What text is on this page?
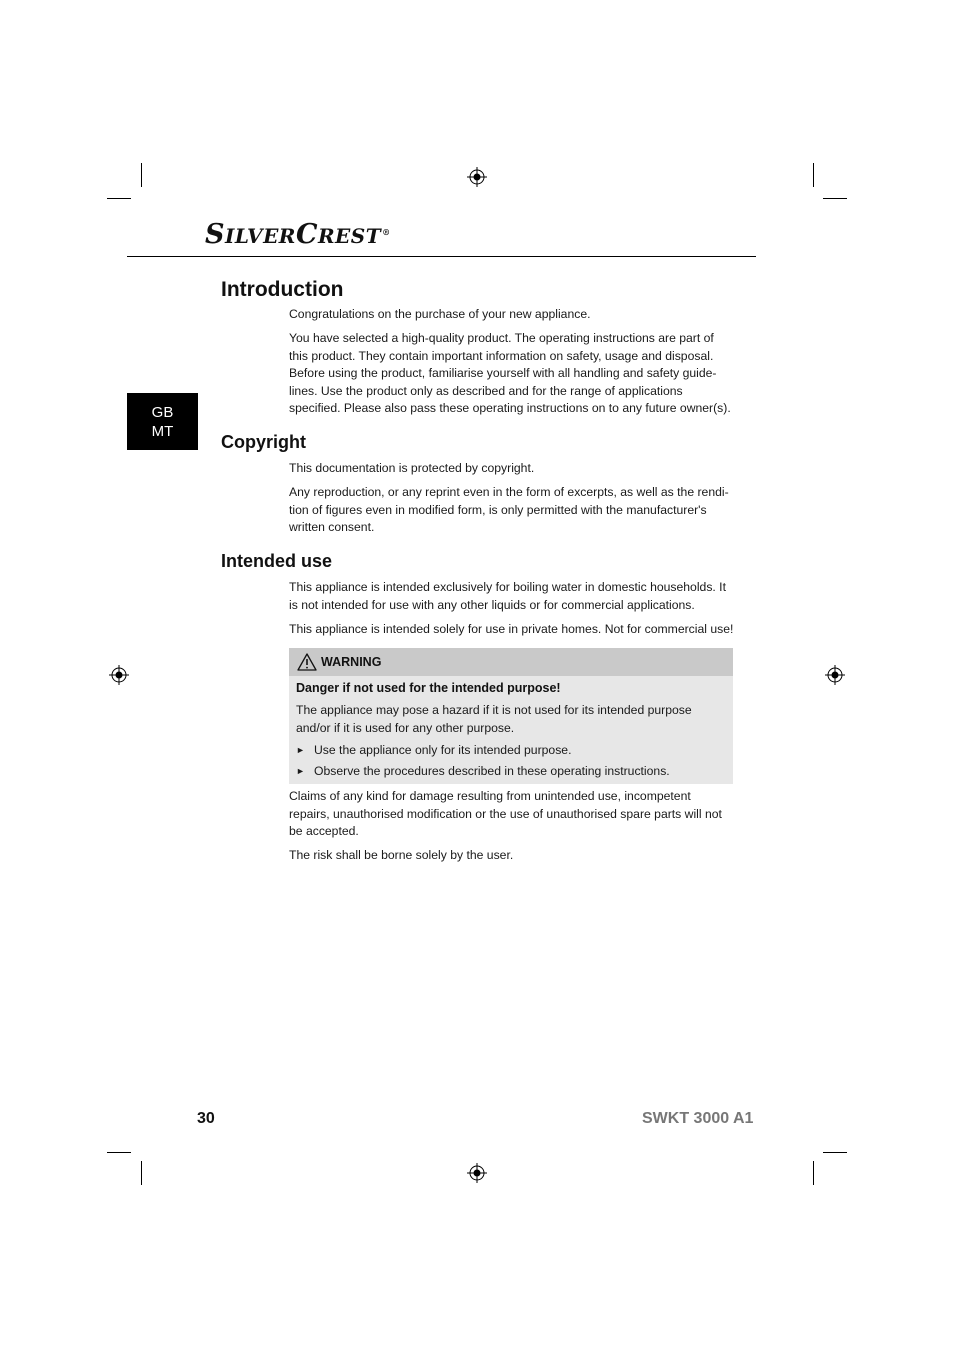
SILVERCREST®
GB
MT
Introduction

Congratulations on the purchase of your new appliance.

You have selected a high-quality product. The operating instructions are part of this product. They contain important information on safety, usage and disposal. Before using the product, familiarise yourself with all handling and safety guide-lines. Use the product only as described and for the range of applications specified. Please also pass these operating instructions on to any future owner(s).

Copyright

This documentation is protected by copyright.

Any reproduction, or any reprint even in the form of excerpts, as well as the rendi-tion of figures even in modified form, is only permitted with the manufacturer's written consent.

Intended use

This appliance is intended exclusively for boiling water in domestic households. It is not intended for use with any other liquids or for commercial applications.

This appliance is intended solely for use in private homes. Not for commercial use!

WARNING
Danger if not used for the intended purpose!
The appliance may pose a hazard if it is not used for its intended purpose and/or if it is used for any other purpose.
► Use the appliance only for its intended purpose.
► Observe the procedures described in these operating instructions.

Claims of any kind for damage resulting from unintended use, incompetent repairs, unauthorised modification or the use of unauthorised spare parts will not be accepted.

The risk shall be borne solely by the user.

30	SWKT 3000 A1
